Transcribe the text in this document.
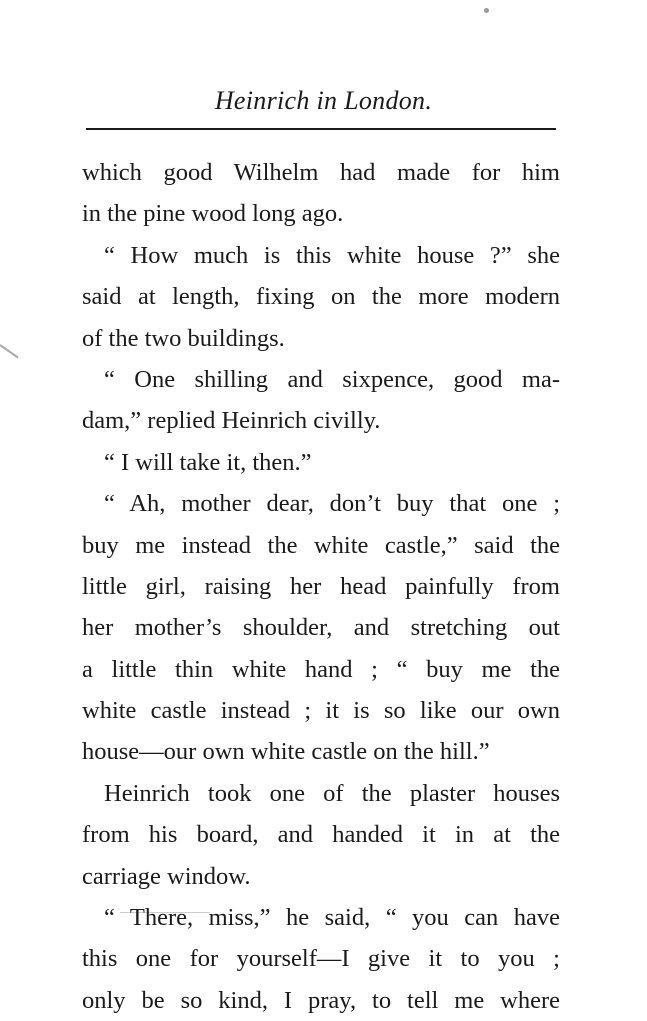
Heinrich in London.
which good Wilhelm had made for him
in the pine wood long ago.
“ How much is this white house ?” she
said at length, fixing on the more modern
of the two buildings.
“ One shilling and sixpence, good ma-
dam,” replied Heinrich civilly.
“ I will take it, then.”
“ Ah, mother dear, don’t buy that one ;
buy me instead the white castle,” said the
little girl, raising her head painfully from
her mother’s shoulder, and stretching out
a little thin white hand ; “ buy me the
white castle instead ; it is so like our own
house—our own white castle on the hill.”
Heinrich took one of the plaster houses
from his board, and handed it in at the
carriage window.
“ There, miss,” he said, “ you can have
this one for yourself—I give it to you ;
only be so kind, I pray, to tell me where
